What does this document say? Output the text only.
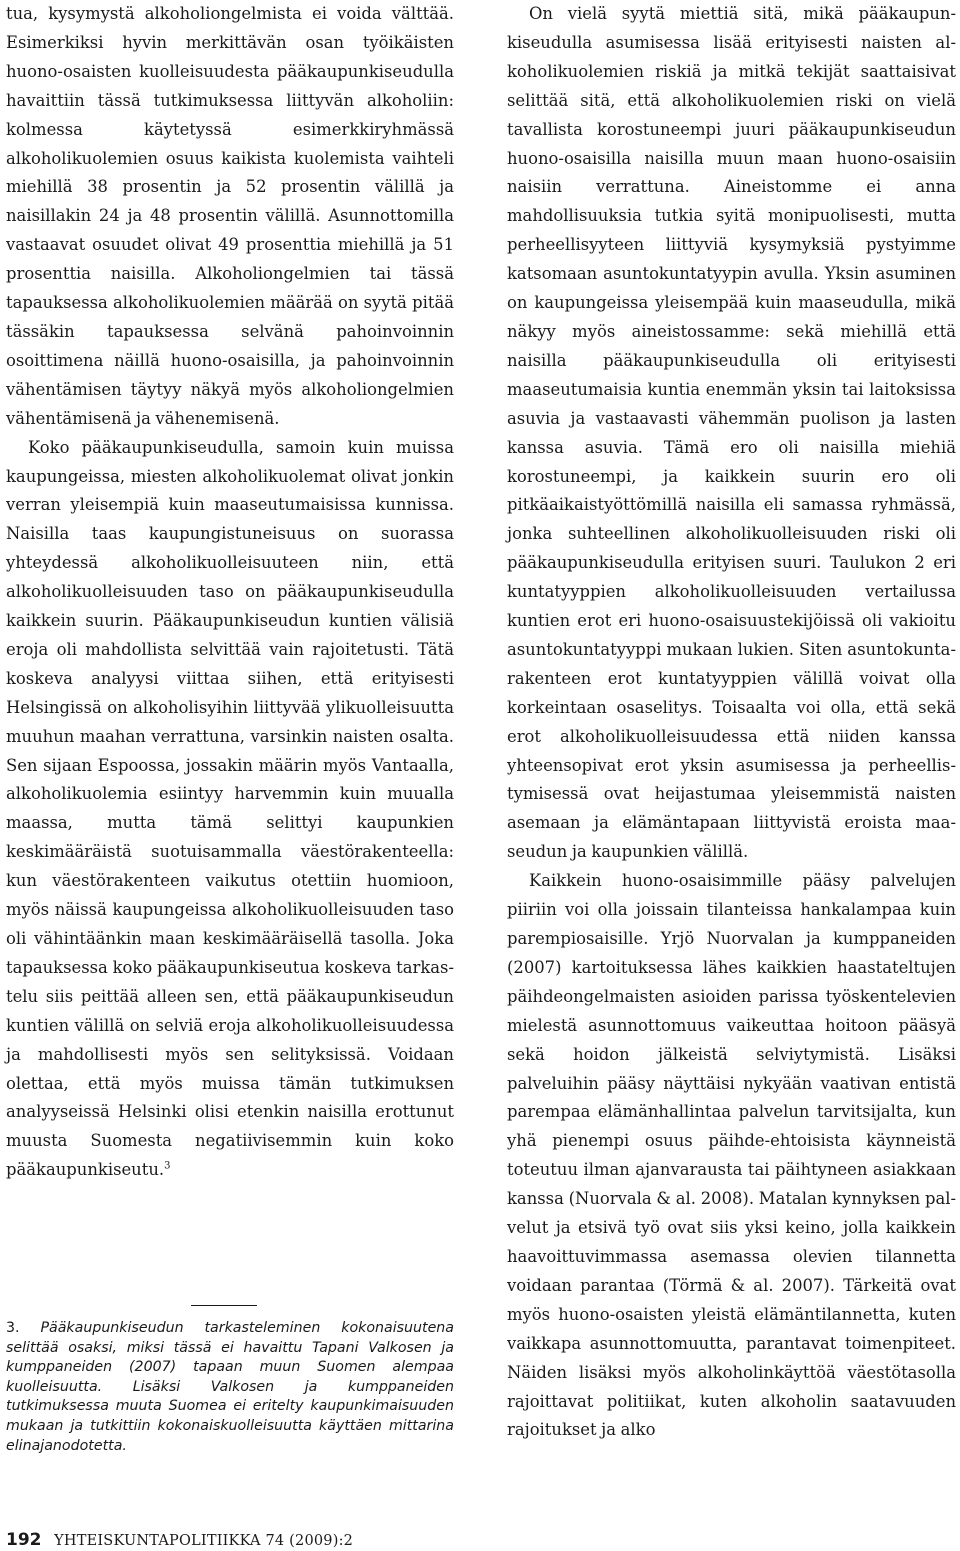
tua, kysymystä alkoholiongelmista ei voida välttää. Esimerkiksi hyvin merkittävän osan työikäisten huono-osaisten kuolleisuudesta pääkaupunkiseudulla havaittiin tässä tutkimuksessa liittyvän alkoholiin: kolmessa käytetyssä esimerkkiryhmässä alkoholikuolemien osuus kaikista kuolemista vaihteli miehillä 38 prosentin ja 52 prosentin välillä ja naisillakin 24 ja 48 prosentin välillä. Asunnottomilla vastaavat osuudet olivat 49 prosenttia miehillä ja 51 prosenttia naisilla. Alkoholiongelmien tai tässä tapauksessa alkoholikuolemien määrää on syytä pitää tässäkin tapauksessa selvänä pahoinvoinnin osoittimena näillä huono-osaisilla, ja pahoinvoinnin vähentämisen täytyy näkyä myös alkoholiongelmien vähentämisenä ja vähenemisenä.

Koko pääkaupunkiseudulla, samoin kuin muissa kaupungeissa, miesten alkoholikuolemat olivat jonkin verran yleisempiä kuin maaseutumaisissa kunnissa. Naisilla taas kaupungistuneisuus on suorassa yhteydessä alkoholikuolleisuuteen niin, että alkoholikuolleisuuden taso on pääkaupunkiseudulla kaikkein suurin. Pääkaupunkiseudun kuntien välisiä eroja oli mahdollista selvittää vain rajoitetusti. Tätä koskeva analyysi viittaa siihen, että erityisesti Helsingissä on alkoholisyihin liittyvää ylikuolleisuutta muuhun maahan verrattuna, varsinkin naisten osalta. Sen sijaan Espoossa, jossakin määrin myös Vantaalla, alkoholikuolemia esiintyy harvemmin kuin muualla maassa, mutta tämä selittyi kaupunkien keskimääräistä suotuisammalla väestörakenteella: kun väestörakenteen vaikutus otettiin huomioon, myös näissä kaupungeissa alkoholikuolleisuuden taso oli vähintäänkin maan keskimääräisellä tasolla. Joka tapauksessa koko pääkaupunkiseutua koskeva tarkastelu siis peittää alleen sen, että pääkaupunkiseudun kuntien välillä on selviä eroja alkoholikuolleisuudessa ja mahdollisesti myös sen selityksissä. Voidaan olettaa, että myös muissa tämän tutkimuksen analyyseissä Helsinki olisi etenkin naisilla erottunut muusta Suomesta negatiivisemmin kuin koko pääkaupunkiseutu.$^3$

3. Pääkaupunkiseudun tarkasteleminen kokonaisuutena selittää osaksi, miksi tässä ei havaittu Tapani Valkosen ja kumppaneiden (2007) tapaan muun Suomen alempaa kuolleisuutta. Lisäksi Valkosen ja kumppaneiden tutkimuksessa muuta Suomea ei eritelty kaupunkimaisuuden mukaan ja tutkittiin kokonaiskuolleisuutta käyttäen mittarina elinajanodotetta.

On vielä syytä miettiä sitä, mikä pääkaupunkiseudulla asumisessa lisää erityisesti naisten alkoholikuolemien riskiä ja mitkä tekijät saattaisivat selittää sitä, että alkoholikuolemien riski on vielä tavallista korostuneempi juuri pääkaupunkiseudun huono-osaisilla naisilla muun maan huono-osaisiin naisiin verrattuna. Aineistomme ei anna mahdollisuuksia tutkia syitä monipuolisesti, mutta perheellisyyteen liittyviä kysymyksiä pystyimme katsomaan asuntokuntatyypin avulla. Yksin asuminen on kaupungeissa yleisempää kuin maaseudulla, mikä näkyy myös aineistossamme: sekä miehillä että naisilla pääkaupunkiseudulla oli erityisesti maaseutumaisia kuntia enemmän yksin tai laitoksissa asuvia ja vastaavasti vähemmän puolison ja lasten kanssa asuvia. Tämä ero oli naisilla miehiä korostuneempi, ja kaikkein suurin ero oli pitkäaikaistyöttömillä naisilla eli samassa ryhmässä, jonka suhteellinen alkoholikuolleisuuden riski oli pääkaupunkiseudulla erityisen suuri. Taulukon 2 eri kuntatyyppien alkoholikuolleisuuden vertailussa kuntien erot eri huono-osaisuustekijöissä oli vakioitu asuntokuntatyyppi mukaan lukien. Siten asuntokuntarakenteen erot kuntatyyppien välillä voivat olla korkeintaan osaselitys. Toisaalta voi olla, että sekä erot alkoholikuolleisuudessa että niiden kanssa yhteensopivat erot yksin asumisessa ja perheellistymisessä ovat heijastumaa yleisemmistä naisten asemaan ja elämäntapaan liittyvistä eroista maaseudun ja kaupunkien välillä.

Kaikkein huono-osaisimmille pääsy palvelujen piiriin voi olla joissain tilanteissa hankalampaa kuin parempiosaisille. Yrjö Nuorvalan ja kumppaneiden (2007) kartoituksessa lähes kaikkien haastateltujen päihdeongelmaisten asioiden parissa työskentelevien mielestä asunnottomuus vaikeuttaa hoitoon pääsyä sekä hoidon jälkeistä selviytymistä. Lisäksi palveluihin pääsy näyttäisi nykyään vaativan entistä parempaa elämänhallintaa palvelun tarvitsijalta, kun yhä pienempi osuus päihde-ehtoisista käynneistä toteutuu ilman ajanvarausta tai päihtyneen asiakkaan kanssa (Nuorvala & al. 2008). Matalan kynnyksen palvelut ja etsivä työ ovat siis yksi keino, jolla kaikkein haavoittuvimmassa asemassa olevien tilannetta voidaan parantaa (Törmä & al. 2007). Tärkeitä ovat myös huono-osaisten yleistä elämäntilannetta, kuten vaikkapa asunnottomuutta, parantavat toimenpiteet. Näiden lisäksi myös alkoholinkäyttöä väestötasolla rajoittavat politiikat, kuten alkoholin saatavuuden rajoitukset ja alko

192 YHTEISKUNTAPOLITIIKKA 74 (2009):2
